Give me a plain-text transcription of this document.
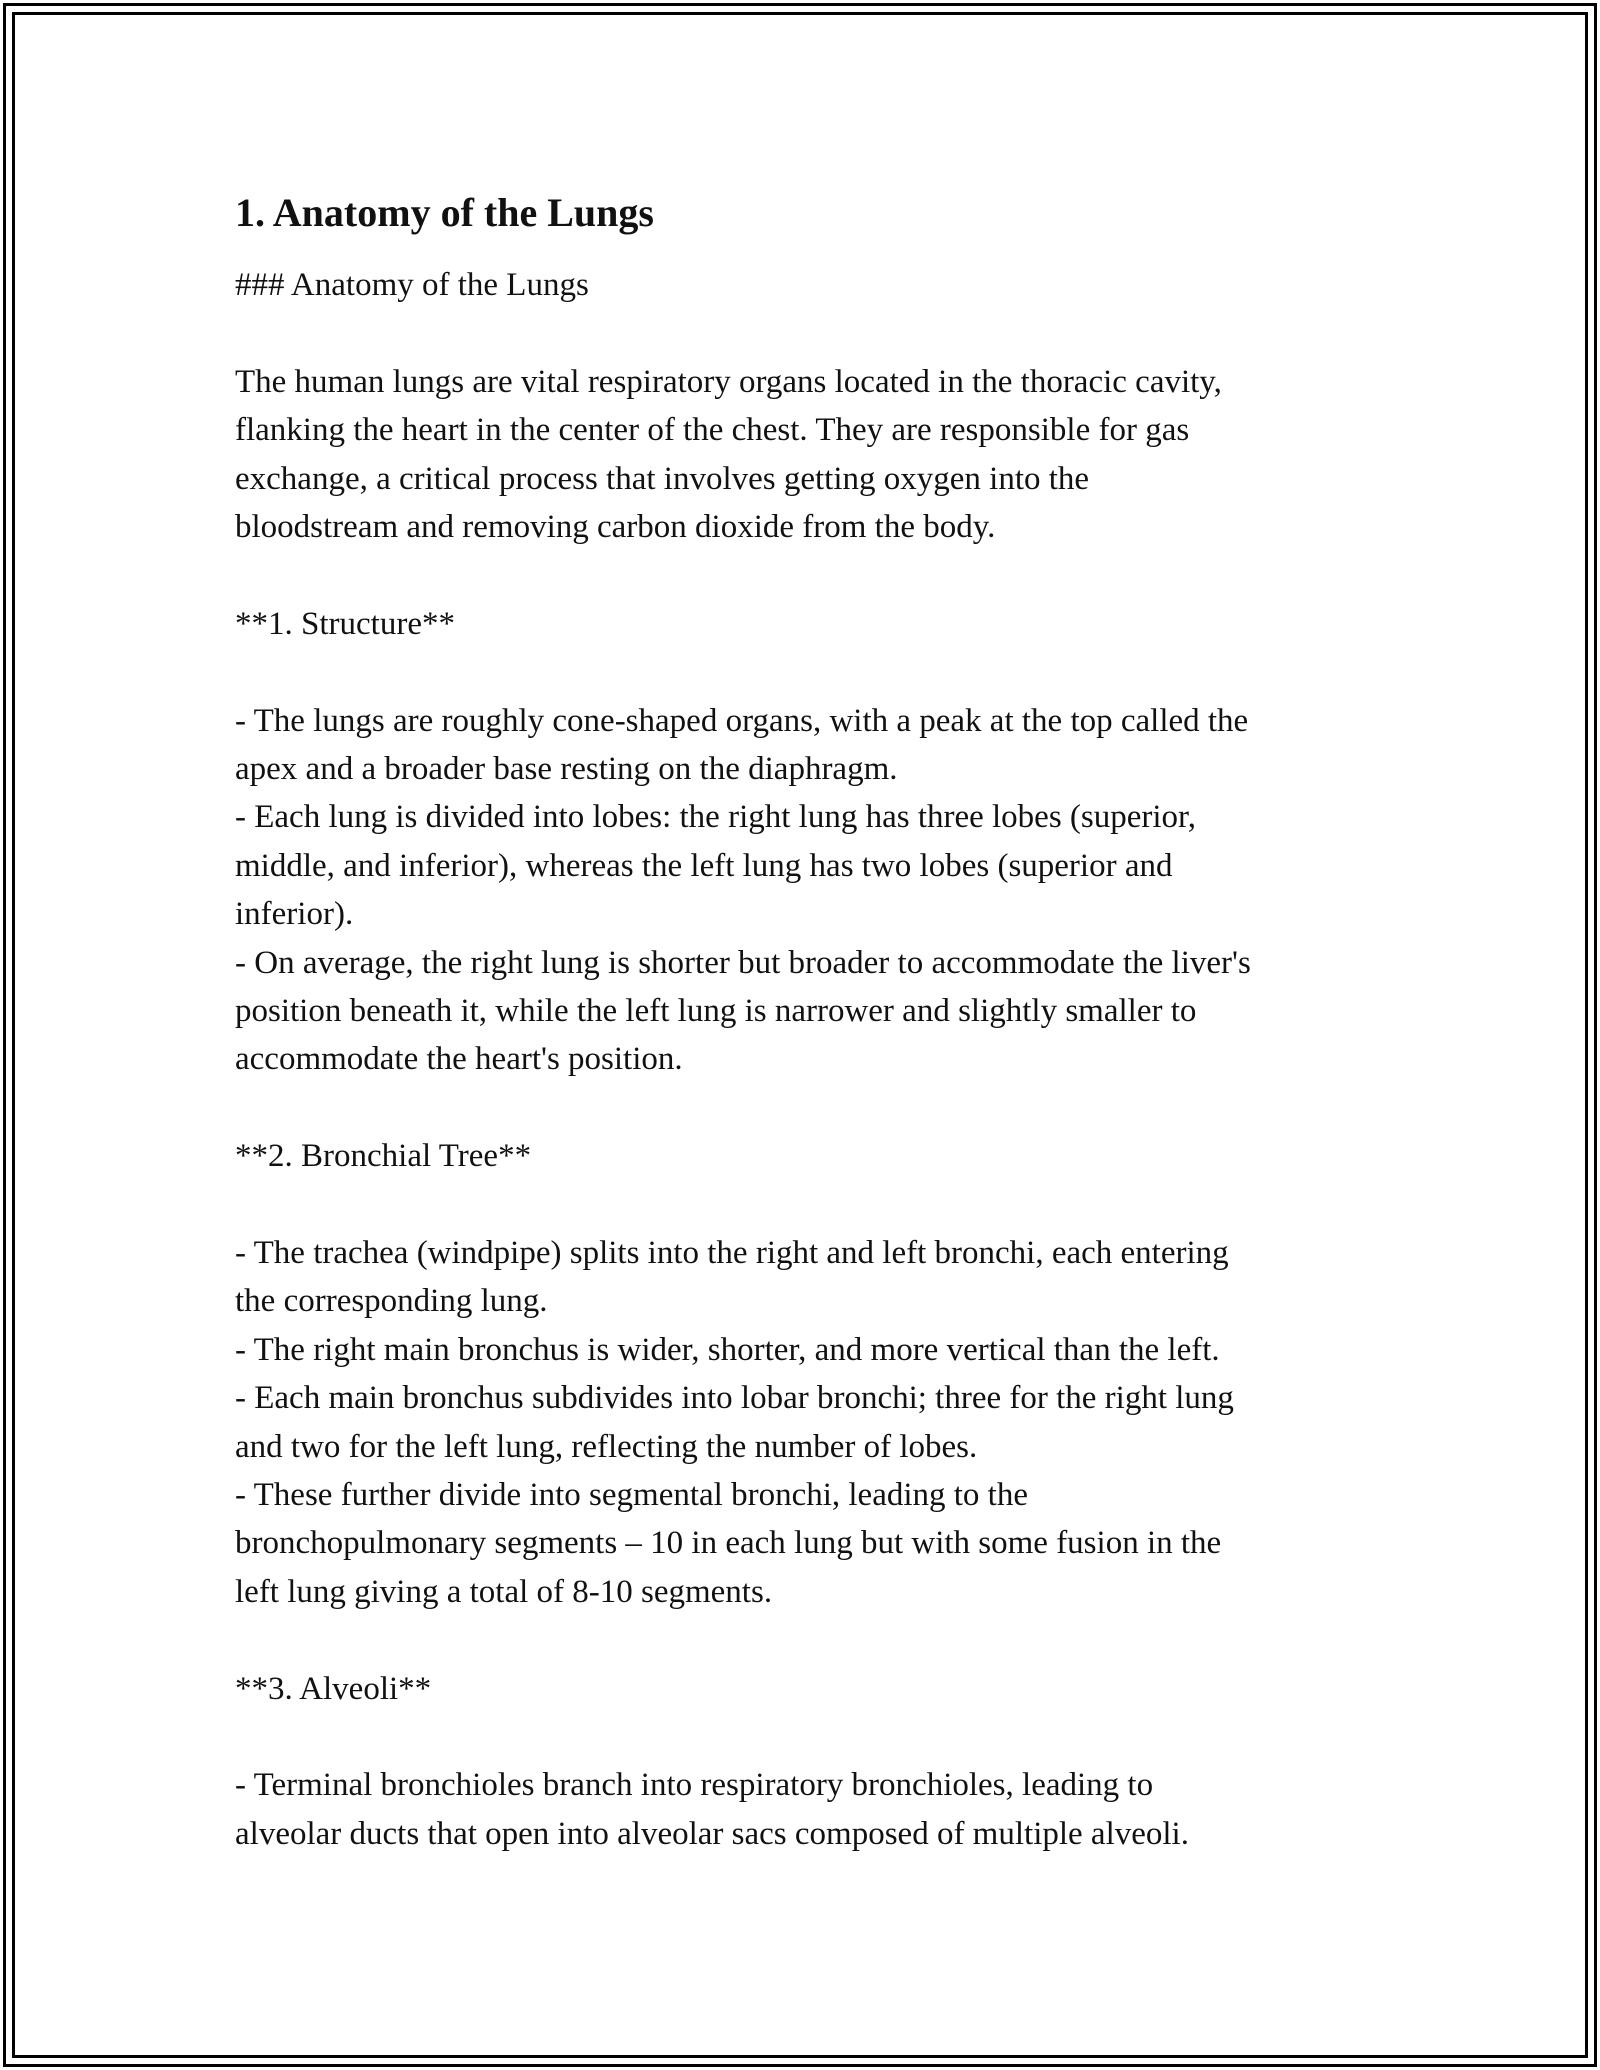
1. Anatomy of the Lungs

### Anatomy of the Lungs

The human lungs are vital respiratory organs located in the thoracic cavity,
flanking the heart in the center of the chest. They are responsible for gas
exchange, a critical process that involves getting oxygen into the
bloodstream and removing carbon dioxide from the body.
**1. Structure**
- The lungs are roughly cone-shaped organs, with a peak at the top called the
apex and a broader base resting on the diaphragm.
- Each lung is divided into lobes: the right lung has three lobes (superior,
middle, and inferior), whereas the left lung has two lobes (superior and
inferior).
- On average, the right lung is shorter but broader to accommodate the liver's
position beneath it, while the left lung is narrower and slightly smaller to
accommodate the heart's position.
**2. Bronchial Tree**
- The trachea (windpipe) splits into the right and left bronchi, each entering
the corresponding lung.
- The right main bronchus is wider, shorter, and more vertical than the left.
- Each main bronchus subdivides into lobar bronchi; three for the right lung
and two for the left lung, reflecting the number of lobes.
- These further divide into segmental bronchi, leading to the
bronchopulmonary segments – 10 in each lung but with some fusion in the
left lung giving a total of 8-10 segments.
**3. Alveoli**
- Terminal bronchioles branch into respiratory bronchioles, leading to
alveolar ducts that open into alveolar sacs composed of multiple alveoli.
